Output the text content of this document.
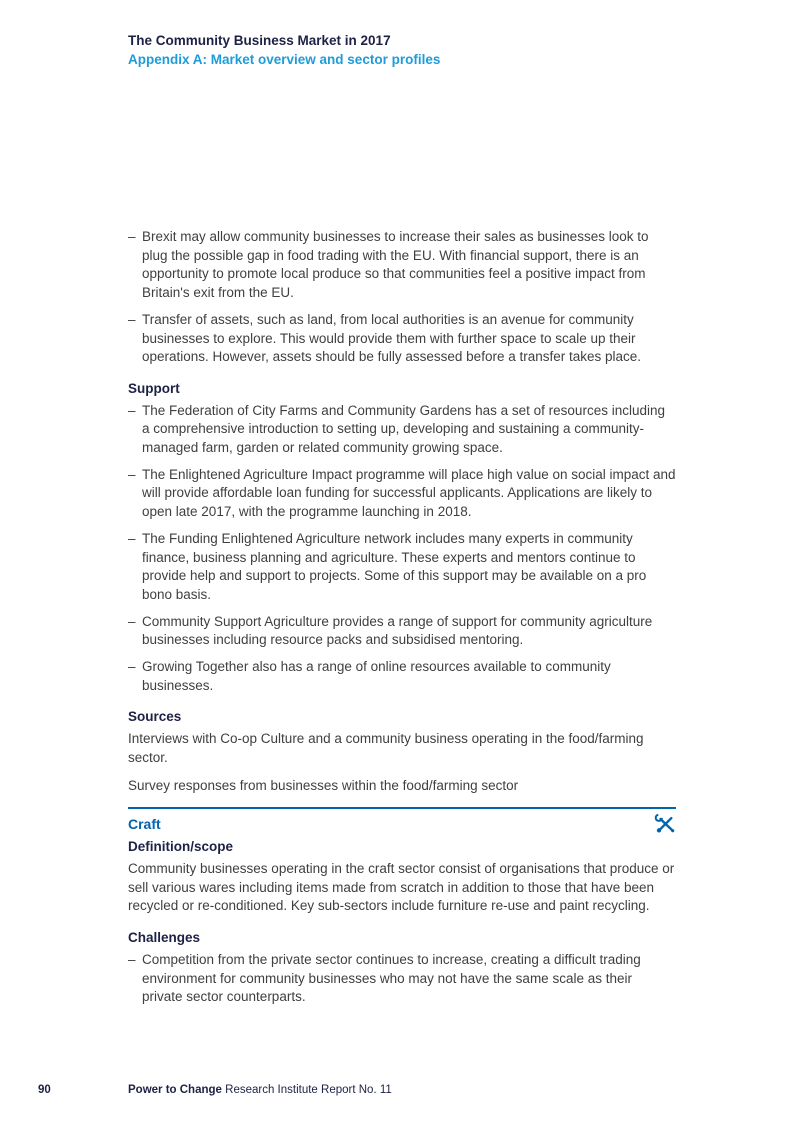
The Community Business Market in 2017
Appendix A: Market overview and sector profiles
– Brexit may allow community businesses to increase their sales as businesses look to plug the possible gap in food trading with the EU. With financial support, there is an opportunity to promote local produce so that communities feel a positive impact from Britain's exit from the EU.
– Transfer of assets, such as land, from local authorities is an avenue for community businesses to explore. This would provide them with further space to scale up their operations. However, assets should be fully assessed before a transfer takes place.
Support
– The Federation of City Farms and Community Gardens has a set of resources including a comprehensive introduction to setting up, developing and sustaining a community-managed farm, garden or related community growing space.
– The Enlightened Agriculture Impact programme will place high value on social impact and will provide affordable loan funding for successful applicants. Applications are likely to open late 2017, with the programme launching in 2018.
– The Funding Enlightened Agriculture network includes many experts in community finance, business planning and agriculture. These experts and mentors continue to provide help and support to projects. Some of this support may be available on a pro bono basis.
– Community Support Agriculture provides a range of support for community agriculture businesses including resource packs and subsidised mentoring.
– Growing Together also has a range of online resources available to community businesses.
Sources
Interviews with Co-op Culture and a community business operating in the food/farming sector.
Survey responses from businesses within the food/farming sector
Craft
Definition/scope
Community businesses operating in the craft sector consist of organisations that produce or sell various wares including items made from scratch in addition to those that have been recycled or re-conditioned. Key sub-sectors include furniture re-use and paint recycling.
Challenges
– Competition from the private sector continues to increase, creating a difficult trading environment for community businesses who may not have the same scale as their private sector counterparts.
90	Power to Change Research Institute Report No. 11
